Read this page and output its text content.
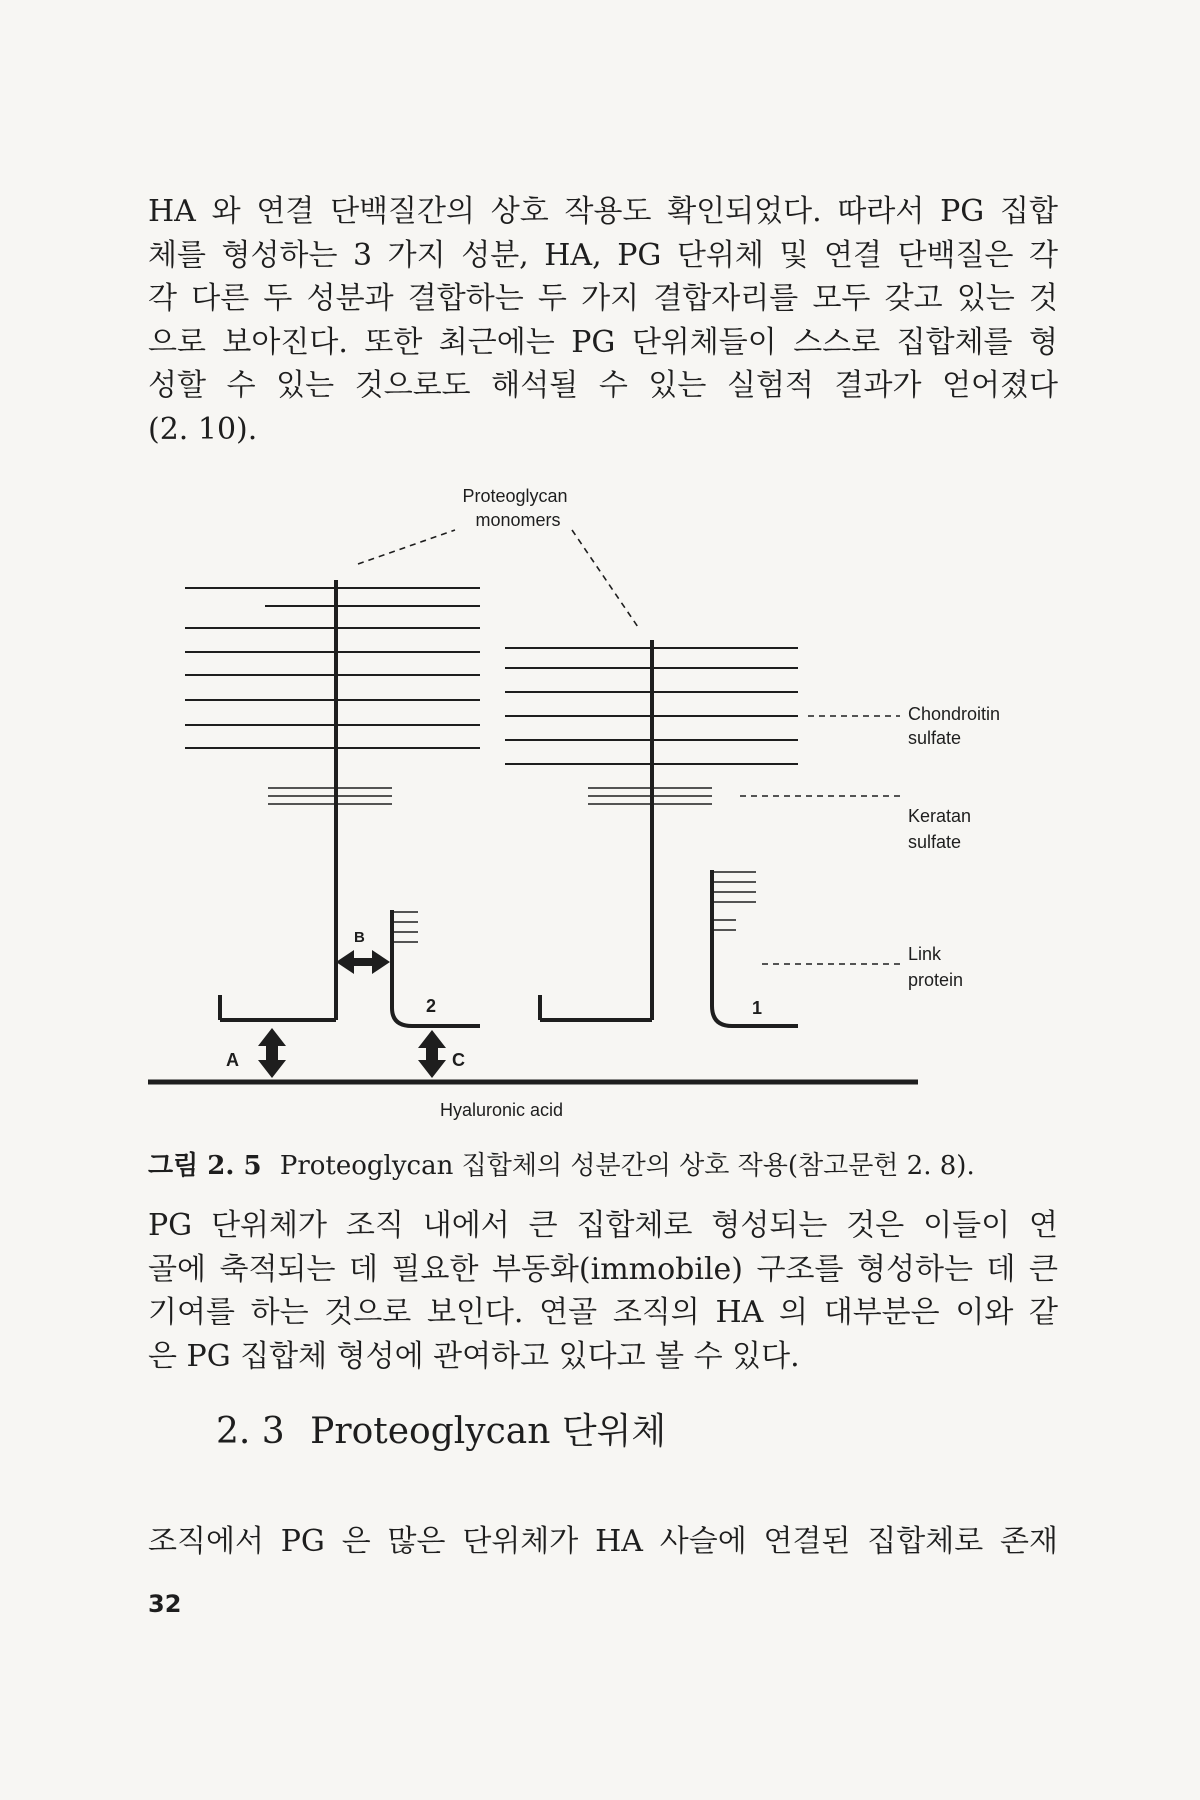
HA 와 연결 단백질간의 상호 작용도 확인되었다. 따라서 PG 집합
체를 형성하는 3 가지 성분, HA, PG 단위체 및 연결 단백질은 각
각 다른 두 성분과 결합하는 두 가지 결합자리를 모두 갖고 있는 것
으로 보아진다. 또한 최근에는 PG 단위체들이 스스로 집합체를 형
성할 수 있는 것으로도 해석될 수 있는 실험적 결과가 얻어졌다
(2. 10).
Proteoglycan
monomers
Chondroitin
sulfate
Keratan
sulfate
Link
protein
Hyaluronic acid
A
B
C
2	1

그림 2. 5 Proteoglycan 집합체의 성분간의 상호 작용(참고문헌 2. 8).

PG 단위체가 조직 내에서 큰 집합체로 형성되는 것은 이들이 연
골에 축적되는 데 필요한 부동화(immobile) 구조를 형성하는 데 큰
기여를 하는 것으로 보인다. 연골 조직의 HA 의 대부분은 이와 같
은 PG 집합체 형성에 관여하고 있다고 볼 수 있다.
2. 3 Proteoglycan 단위체
조직에서 PG 은 많은 단위체가 HA 사슬에 연결된 집합체로 존재
32
